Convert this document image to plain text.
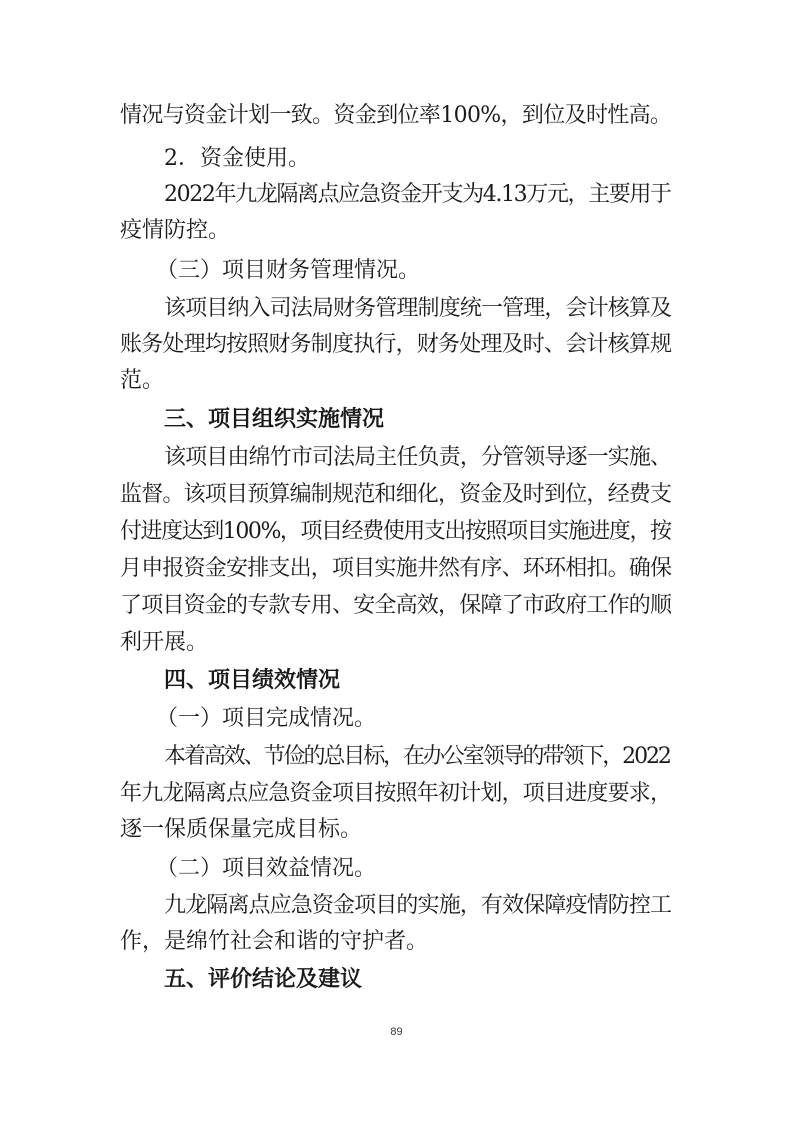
情况与资金计划一致。资金到位率100%，到位及时性高。
2．资金使用。
2022年九龙隔离点应急资金开支为4.13万元，主要用于
疫情防控。
（三）项目财务管理情况。
该项目纳入司法局财务管理制度统一管理，会计核算及
账务处理均按照财务制度执行，财务处理及时、会计核算规
范。
三、项目组织实施情况
该项目由绵竹市司法局主任负责，分管领导逐一实施、
监督。该项目预算编制规范和细化，资金及时到位，经费支
付进度达到100%，项目经费使用支出按照项目实施进度，按
月申报资金安排支出，项目实施井然有序、环环相扣。确保
了项目资金的专款专用、安全高效，保障了市政府工作的顺
利开展。
四、项目绩效情况
（一）项目完成情况。
本着高效、节俭的总目标，在办公室领导的带领下，2022
年九龙隔离点应急资金项目按照年初计划，项目进度要求，
逐一保质保量完成目标。
（二）项目效益情况。
九龙隔离点应急资金项目的实施，有效保障疫情防控工
作，是绵竹社会和谐的守护者。
五、评价结论及建议
89
